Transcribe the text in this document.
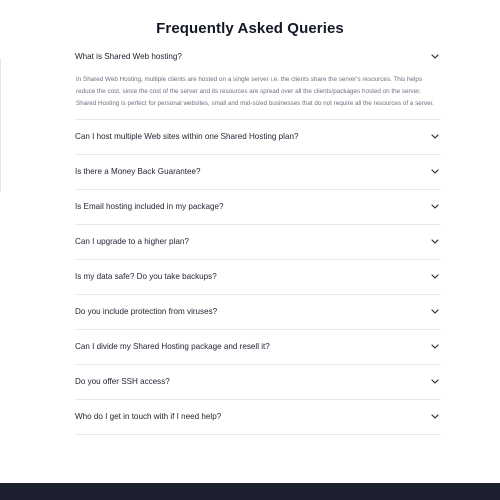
Frequently Asked Queries
What is Shared Web hosting?
In Shared Web Hosting, multiple clients are hosted on a single server i.e. the clients share the server's resources. This helps reduce the cost, since the cost of the server and its resources are spread over all the clients/packages hosted on the server. Shared Hosting is perfect for personal websites, small and mid-sized businesses that do not require all the resources of a server.
Can I host multiple Web sites within one Shared Hosting plan?
Is there a Money Back Guarantee?
Is Email hosting included in my package?
Can I upgrade to a higher plan?
Is my data safe? Do you take backups?
Do you include protection from viruses?
Can I divide my Shared Hosting package and resell it?
Do you offer SSH access?
Who do I get in touch with if I need help?
